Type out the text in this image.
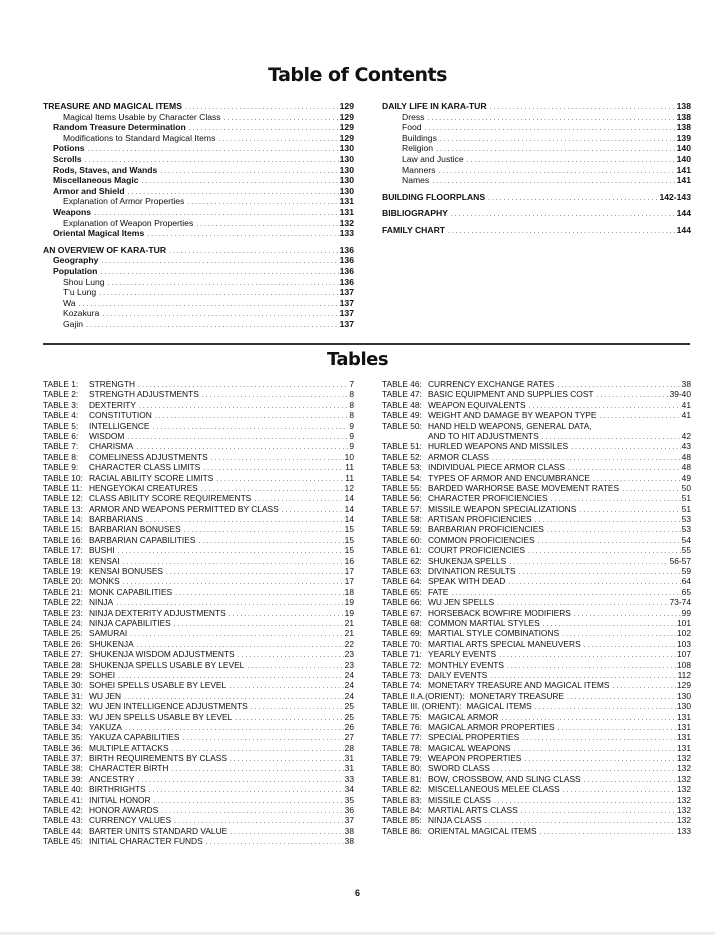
Table of Contents
TREASURE AND MAGICAL ITEMS . . .	129
Magical Items Usable by Character Class . . .	129
Random Treasure Determination . . .	129
Modifications to Standard Magical Items . . .	129
Potions . . .	130
Scrolls . . .	130
Rods, Staves, and Wands . . .	130
Miscellaneous Magic . . .	130
Armor and Shield . . .	130
Explanation of Armor Properties . . .	131
Weapons . . .	131
Explanation of Weapon Properties . . .	132
Oriental Magical Items . . .	133
AN OVERVIEW OF KARA-TUR . . .	136
Geography . . .	136
Population . . .	136
Shou Lung . . .	136
T'u Lung . . .	137
Wa . . .	137
Kozakura . . .	137
Gajin . . .	137
DAILY LIFE IN KARA-TUR . . .	138
Dress . . .	138
Food . . .	138
Buildings . . .	139
Religion . . .	140
Law and Justice . . .	140
Manners . . .	141
Names . . .	141
BUILDING FLOORPLANS . . .	142-143
BIBLIOGRAPHY . . .	144
FAMILY CHART . . .	144
Tables
TABLE 1:	STRENGTH . . .	7
TABLE 2:	STRENGTH ADJUSTMENTS . . .	8
TABLE 3:	DEXTERITY . . .	8
TABLE 4:	CONSTITUTION . . .	8
TABLE 5:	INTELLIGENCE . . .	9
TABLE 6:	WISDOM . . .	9
TABLE 7:	CHARISMA . . .	9
TABLE 8:	COMELINESS ADJUSTMENTS . . .	10
TABLE 9:	CHARACTER CLASS LIMITS . . .	11
TABLE 10: RACIAL ABILITY SCORE LIMITS . . .	11
TABLE 11: HENGEYOKAI CREATURES . . .	12
TABLE 12: CLASS ABILITY SCORE REQUIREMENTS . . .	14
TABLE 13: ARMOR AND WEAPONS PERMITTED BY CLASS . . .	14
TABLE 14: BARBARIANS . . .	14
TABLE 15: BARBARIAN BONUSES . . .	15
TABLE 16: BARBARIAN CAPABILITIES . . .	15
TABLE 17: BUSHI . . .	15
TABLE 18: KENSAI . . .	16
TABLE 19: KENSAI BONUSES . . .	17
TABLE 20: MONKS . . .	17
TABLE 21: MONK CAPABILITIES . . .	18
TABLE 22: NINJA . . .	19
TABLE 23: NINJA DEXTERITY ADJUSTMENTS . . .	19
TABLE 24: NINJA CAPABILITIES . . .	21
TABLE 25: SAMURAI . . .	21
TABLE 26: SHUKENJA . . .	22
TABLE 27: SHUKENJA WISDOM ADJUSTMENTS . . .	23
TABLE 28: SHUKENJA SPELLS USABLE BY LEVEL . . .	23
TABLE 29: SOHEI . . .	24
TABLE 30: SOHEI SPELLS USABLE BY LEVEL . . .	24
TABLE 31: WU JEN . . .	24
TABLE 32: WU JEN INTELLIGENCE ADJUSTMENTS . . .	25
TABLE 33: WU JEN SPELLS USABLE BY LEVEL . . .	25
TABLE 34: YAKUZA . . .	26
TABLE 35: YAKUZA CAPABILITIES . . .	27
TABLE 36: MULTIPLE ATTACKS . . .	28
TABLE 37: BIRTH REQUIREMENTS BY CLASS . . .	31
TABLE 38: CHARACTER BIRTH . . .	31
TABLE 39: ANCESTRY . . .	33
TABLE 40: BIRTHRIGHTS . . .	34
TABLE 41: INITIAL HONOR . . .	35
TABLE 42: HONOR AWARDS . . .	36
TABLE 43: CURRENCY VALUES . . .	37
TABLE 44: BARTER UNITS STANDARD VALUE . . .	38
TABLE 45: INITIAL CHARACTER FUNDS . . .	38
TABLE 46: CURRENCY EXCHANGE RATES . . .	38
TABLE 47: BASIC EQUIPMENT AND SUPPLIES COST . . .	39-40
TABLE 48: WEAPON EQUIVALENTS . . .	41
TABLE 49: WEIGHT AND DAMAGE BY WEAPON TYPE . . .	41
TABLE 50: HAND HELD WEAPONS, GENERAL DATA,
AND TO HIT ADJUSTMENTS . . .	42
TABLE 51: HURLED WEAPONS AND MISSILES . . .	43
TABLE 52: ARMOR CLASS . . .	48
TABLE 53: INDIVIDUAL PIECE ARMOR CLASS . . .	48
TABLE 54: TYPES OF ARMOR AND ENCUMBRANCE . . .	49
TABLE 55: BARDED WARHORSE BASE MOVEMENT RATES . . .	50
TABLE 56: CHARACTER PROFICIENCIES . . .	51
TABLE 57: MISSILE WEAPON SPECIALIZATIONS . . .	51
TABLE 58: ARTISAN PROFICIENCIES . . .	53
TABLE 59: BARBARIAN PROFICIENCIES . . .	53
TABLE 60: COMMON PROFICIENCIES . . .	54
TABLE 61: COURT PROFICIENCIES . . .	55
TABLE 62: SHUKENJA SPELLS . . .	56-57
TABLE 63: DIVINATION RESULTS . . .	59
TABLE 64: SPEAK WITH DEAD . . .	64
TABLE 65: FATE . . .	65
TABLE 66: WU JEN SPELLS . . .	73-74
TABLE 67: HORSEBACK BOWFIRE MODIFIERS . . .	99
TABLE 68: COMMON MARTIAL STYLES . . .	101
TABLE 69: MARTIAL STYLE COMBINATIONS . . .	102
TABLE 70: MARTIAL ARTS SPECIAL MANEUVERS . . .	103
TABLE 71: YEARLY EVENTS . . .	107
TABLE 72: MONTHLY EVENTS . . .	108
TABLE 73: DAILY EVENTS . . .	112
TABLE 74: MONETARY TREASURE AND MAGICAL ITEMS . . .	129
TABLE II.A.(ORIENT): MONETARY TREASURE . . .	130
TABLE III. (ORIENT): MAGICAL ITEMS . . .	130
TABLE 75: MAGICAL ARMOR . . .	131
TABLE 76: MAGICAL ARMOR PROPERTIES . . .	131
TABLE 77: SPECIAL PROPERTIES . . .	131
TABLE 78: MAGICAL WEAPONS . . .	131
TABLE 79: WEAPON PROPERTIES . . .	132
TABLE 80: SWORD CLASS . . .	132
TABLE 81: BOW, CROSSBOW, AND SLING CLASS . . .	132
TABLE 82: MISCELLANEOUS MELEE CLASS . . .	132
TABLE 83: MISSILE CLASS . . .	132
TABLE 84: MARTIAL ARTS CLASS . . .	132
TABLE 85: NINJA CLASS . . .	132
TABLE 86: ORIENTAL MAGICAL ITEMS . . .	133
6
